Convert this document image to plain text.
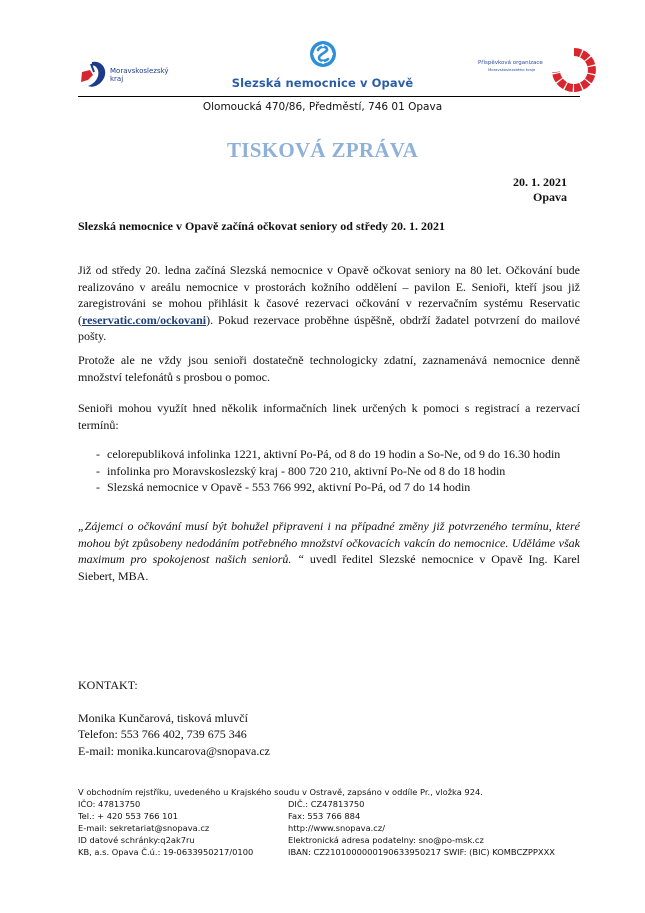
Moravskoslezský
kraj	Slezská nemocnice v Opavě
Příspěvková organizace
Moravskoslezského kraje
Olomoucká 470/86, Předměstí, 746 01 Opava
TISKOVÁ ZPRÁVA
20. 1. 2021
Opava
Slezská nemocnice v Opavě začíná očkovat seniory od středy 20. 1. 2021
Již od středy 20. ledna začíná Slezská nemocnice v Opavě očkovat seniory na 80 let. Očkování bude realizováno v areálu nemocnice v prostorách kožního oddělení – pavilon E. Senioři, kteří jsou již zaregistrováni se mohou přihlásit k časové rezervaci očkování v rezervačním systému Reservatic (reservatic.com/ockovani). Pokud rezervace proběhne úspěšně, obdrží žadatel potvrzení do mailové pošty.
Protože ale ne vždy jsou senioři dostatečně technologicky zdatní, zaznamenává nemocnice denně množství telefonátů s prosbou o pomoc.
Senioři mohou využít hned několik informačních linek určených k pomoci s registrací a rezervací termínů:
- celorepubliková infolinka 1221, aktivní Po-Pá, od 8 do 19 hodin a So-Ne, od 9 do 16.30 hodin
- infolinka pro Moravskoslezský kraj - 800 720 210, aktivní Po-Ne od 8 do 18 hodin
- Slezská nemocnice v Opavě - 553 766 992, aktivní Po-Pá, od 7 do 14 hodin
„Zájemci o očkování musí být bohužel připraveni i na případné změny již potvrzeného termínu, které mohou být způsobeny nedodáním potřebného množství očkovacích vakcín do nemocnice. Uděláme však maximum pro spokojenost našich seniorů. “ uvedl ředitel Slezské nemocnice v Opavě Ing. Karel Siebert, MBA.
KONTAKT:
Monika Kunčarová, tisková mluvčí
Telefon: 553 766 402, 739 675 346
E-mail: monika.kuncarova@snopava.cz
V obchodním rejstříku, uvedeného u Krajského soudu v Ostravě, zapsáno v oddíle Pr., vložka 924.
IČO: 47813750	DIČ.: CZ47813750
Tel.: + 420 553 766 101	Fax: 553 766 884
E-mail: sekretariat@snopava.cz	http://www.snopava.cz/
ID datové schránky:q2ak7ru	Elektronická adresa podatelny: sno@po-msk.cz
KB, a.s. Opava Č.ú.: 19-0633950217/0100	IBAN: CZ2101000000190633950217 SWIF: (BIC) KOMBCZPPXXX
